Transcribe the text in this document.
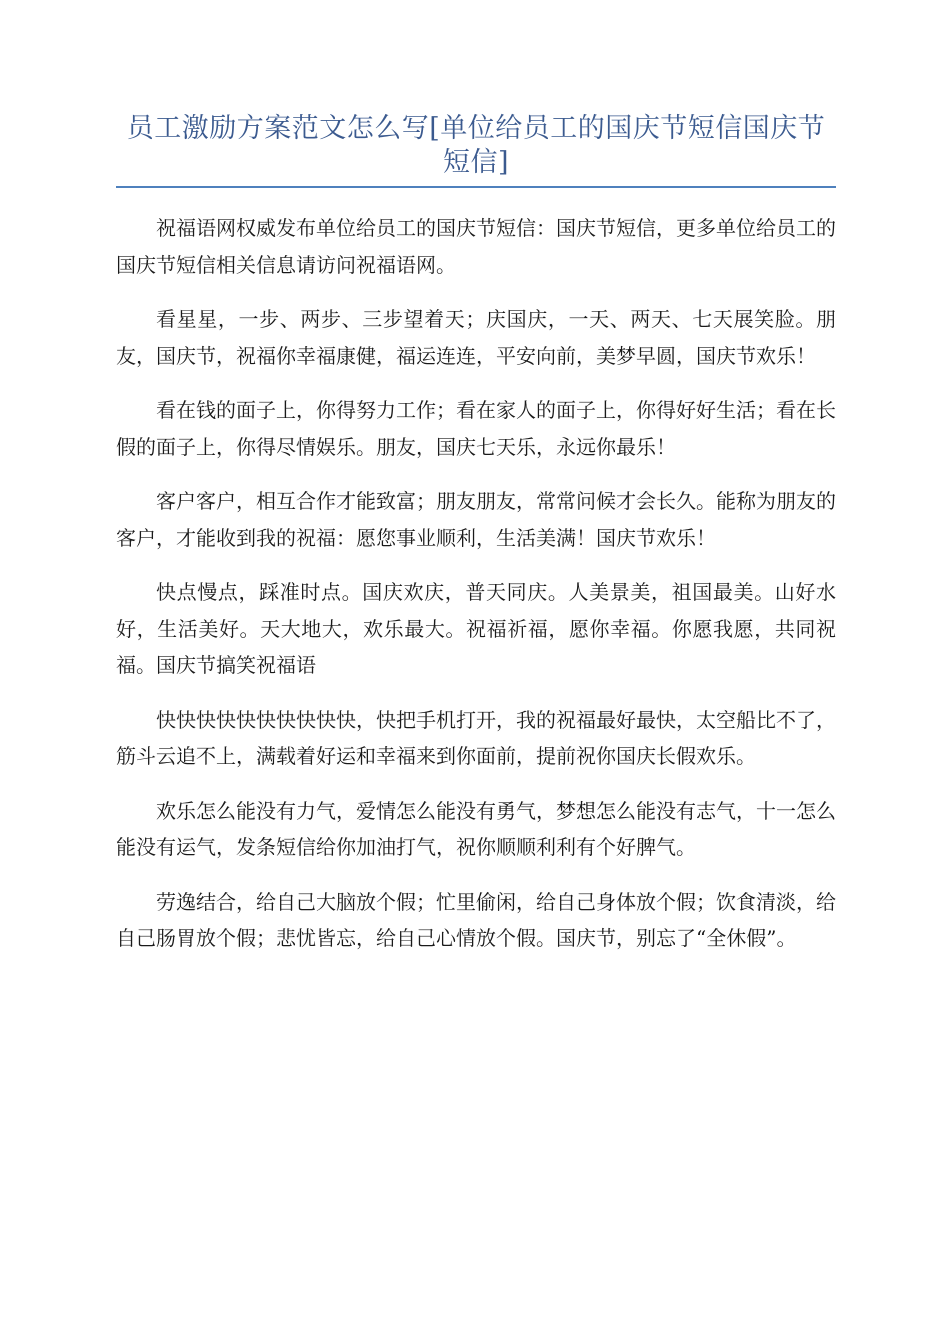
员工激励方案范文怎么写[单位给员工的国庆节短信国庆节短信]

祝福语网权威发布单位给员工的国庆节短信：国庆节短信，更多单位给员工的国庆节短信相关信息请访问祝福语网。

看星星，一步、两步、三步望着天；庆国庆，一天、两天、七天展笑脸。朋友，国庆节，祝福你幸福康健，福运连连，平安向前，美梦早圆，国庆节欢乐！

看在钱的面子上，你得努力工作；看在家人的面子上，你得好好生活；看在长假的面子上，你得尽情娱乐。朋友，国庆七天乐，永远你最乐！

客户客户，相互合作才能致富；朋友朋友，常常问候才会长久。能称为朋友的客户，才能收到我的祝福：愿您事业顺利，生活美满！国庆节欢乐！

快点慢点，踩准时点。国庆欢庆，普天同庆。人美景美，祖国最美。山好水好，生活美好。天大地大，欢乐最大。祝福祈福，愿你幸福。你愿我愿，共同祝福。国庆节搞笑祝福语

快快快快快快快快快快，快把手机打开，我的祝福最好最快，太空船比不了，筋斗云追不上，满载着好运和幸福来到你面前，提前祝你国庆长假欢乐。

欢乐怎么能没有力气，爱情怎么能没有勇气，梦想怎么能没有志气，十一怎么能没有运气，发条短信给你加油打气，祝你顺顺利利有个好脾气。

劳逸结合，给自己大脑放个假；忙里偷闲，给自己身体放个假；饮食清淡，给自己肠胃放个假；悲忧皆忘，给自己心情放个假。国庆节，别忘了“全休假”。
